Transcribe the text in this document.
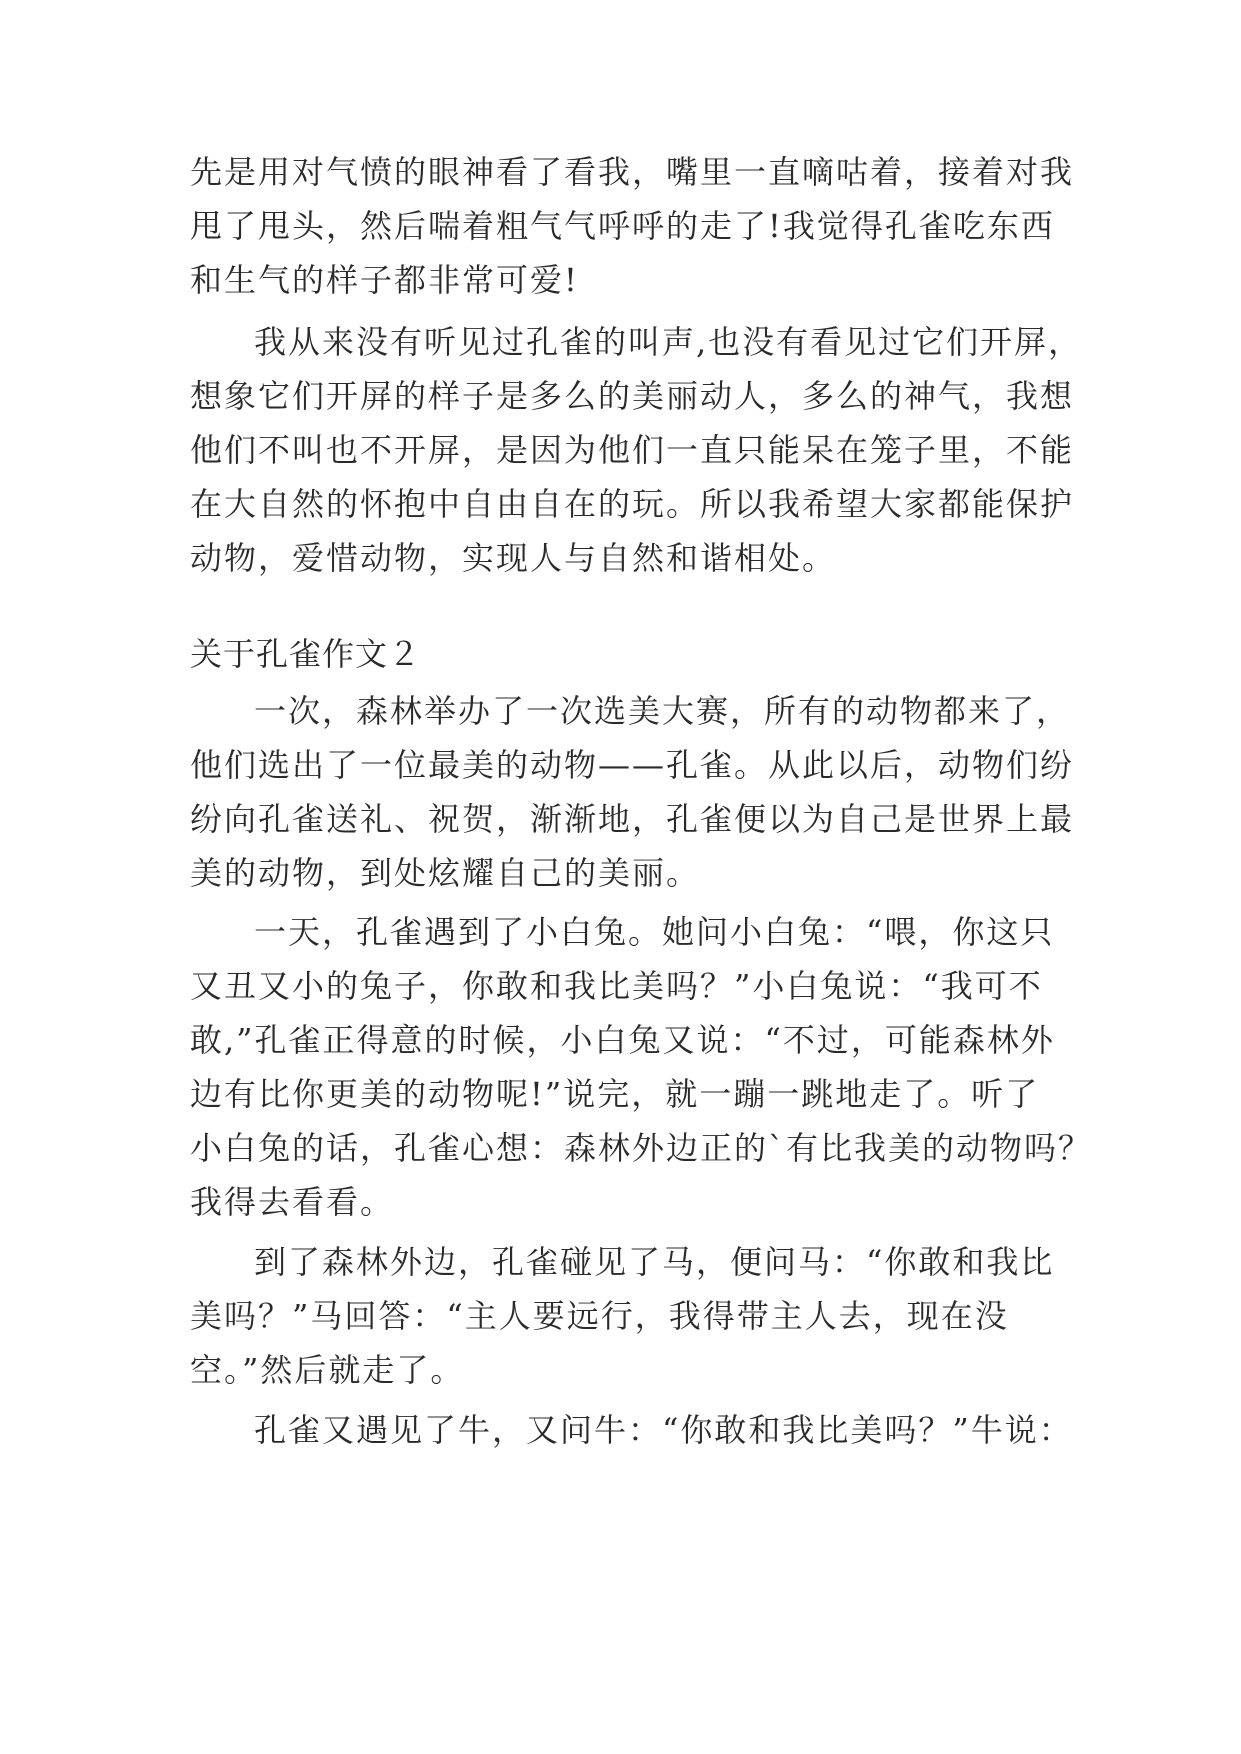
先是用对气愤的眼神看了看我，嘴里一直嘀咕着，接着对我
甩了甩头，然后喘着粗气气呼呼的走了!我觉得孔雀吃东西
和生气的样子都非常可爱!
我从来没有听见过孔雀的叫声,也没有看见过它们开屏，
想象它们开屏的样子是多么的美丽动人，多么的神气，我想
他们不叫也不开屏，是因为他们一直只能呆在笼子里，不能
在大自然的怀抱中自由自在的玩。所以我希望大家都能保护
动物，爱惜动物，实现人与自然和谐相处。
关于孔雀作文２
一次，森林举办了一次选美大赛，所有的动物都来了，
他们选出了一位最美的动物——孔雀。从此以后，动物们纷
纷向孔雀送礼、祝贺，渐渐地，孔雀便以为自己是世界上最
美的动物，到处炫耀自己的美丽。
一天，孔雀遇到了小白兔。她问小白兔：“喂，你这只
又丑又小的兔子，你敢和我比美吗？”小白兔说：“我可不
敢,”孔雀正得意的时候，小白兔又说：“不过，可能森林外
边有比你更美的动物呢!”说完，就一蹦一跳地走了。听了
小白兔的话，孔雀心想：森林外边正的`有比我美的动物吗？
我得去看看。
到了森林外边，孔雀碰见了马，便问马：“你敢和我比
美吗？”马回答：“主人要远行，我得带主人去，现在没
空。”然后就走了。
孔雀又遇见了牛，又问牛：“你敢和我比美吗？”牛说：
